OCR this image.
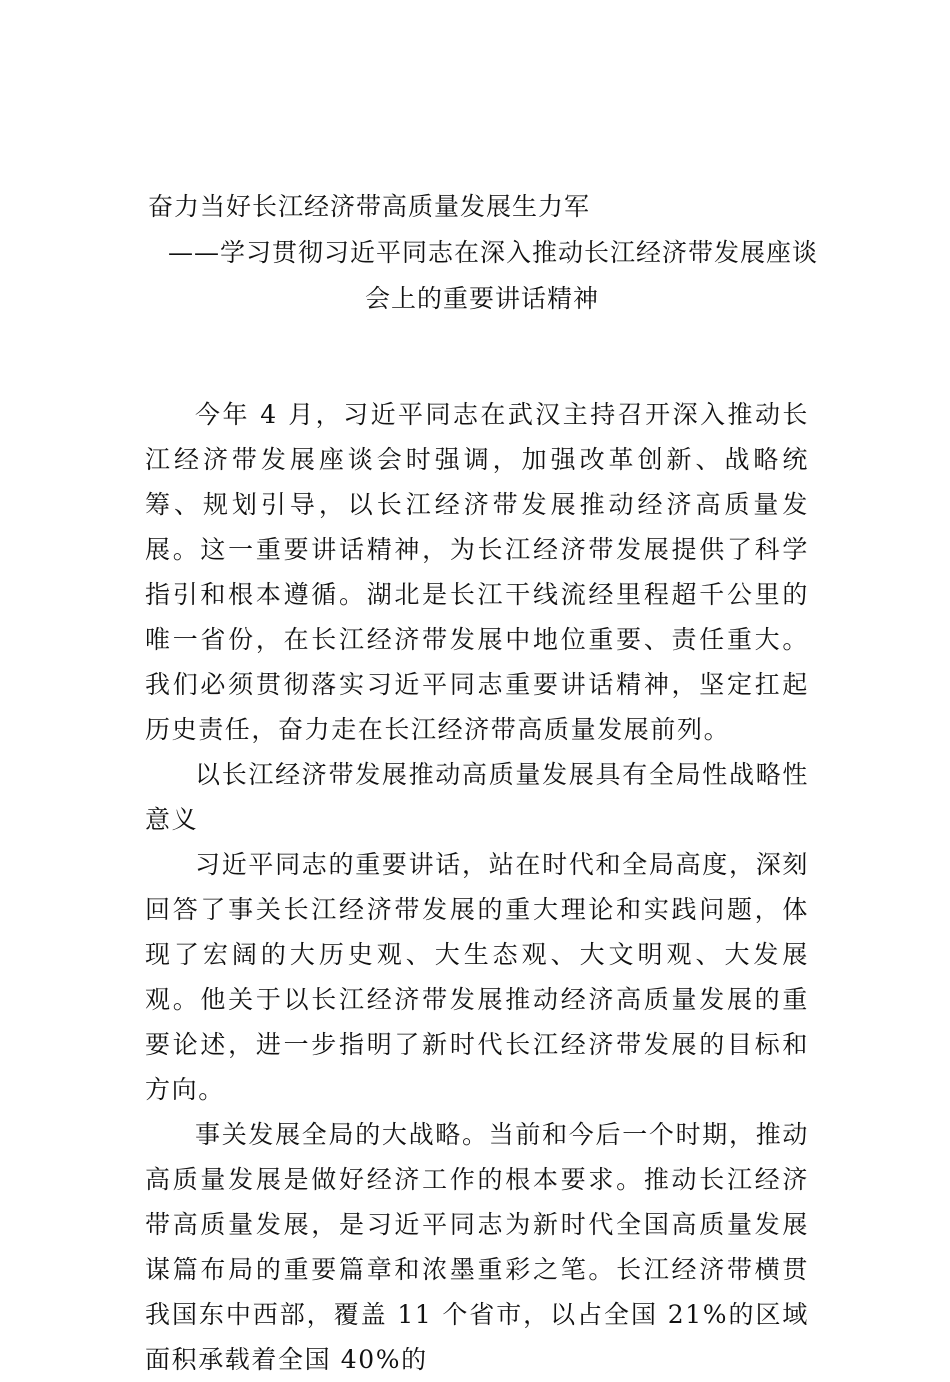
奋力当好长江经济带高质量发展生力军
——学习贯彻习近平同志在深入推动长江经济带发展座谈
会上的重要讲话精神

今年 4 月，习近平同志在武汉主持召开深入推动长江经济带发展座谈会时强调，加强改革创新、战略统筹、规划引导，以长江经济带发展推动经济高质量发展。这一重要讲话精神，为长江经济带发展提供了科学指引和根本遵循。湖北是长江干线流经里程超千公里的唯一省份，在长江经济带发展中地位重要、责任重大。我们必须贯彻落实习近平同志重要讲话精神，坚定扛起历史责任，奋力走在长江经济带高质量发展前列。

以长江经济带发展推动高质量发展具有全局性战略性意义

习近平同志的重要讲话，站在时代和全局高度，深刻回答了事关长江经济带发展的重大理论和实践问题，体现了宏阔的大历史观、大生态观、大文明观、大发展观。他关于以长江经济带发展推动经济高质量发展的重要论述，进一步指明了新时代长江经济带发展的目标和方向。

事关发展全局的大战略。当前和今后一个时期，推动高质量发展是做好经济工作的根本要求。推动长江经济带高质量发展，是习近平同志为新时代全国高质量发展谋篇布局的重要篇章和浓墨重彩之笔。长江经济带横贯我国东中西部，覆盖 11 个省市，以占全国 21%的区域面积承载着全国 40%的
